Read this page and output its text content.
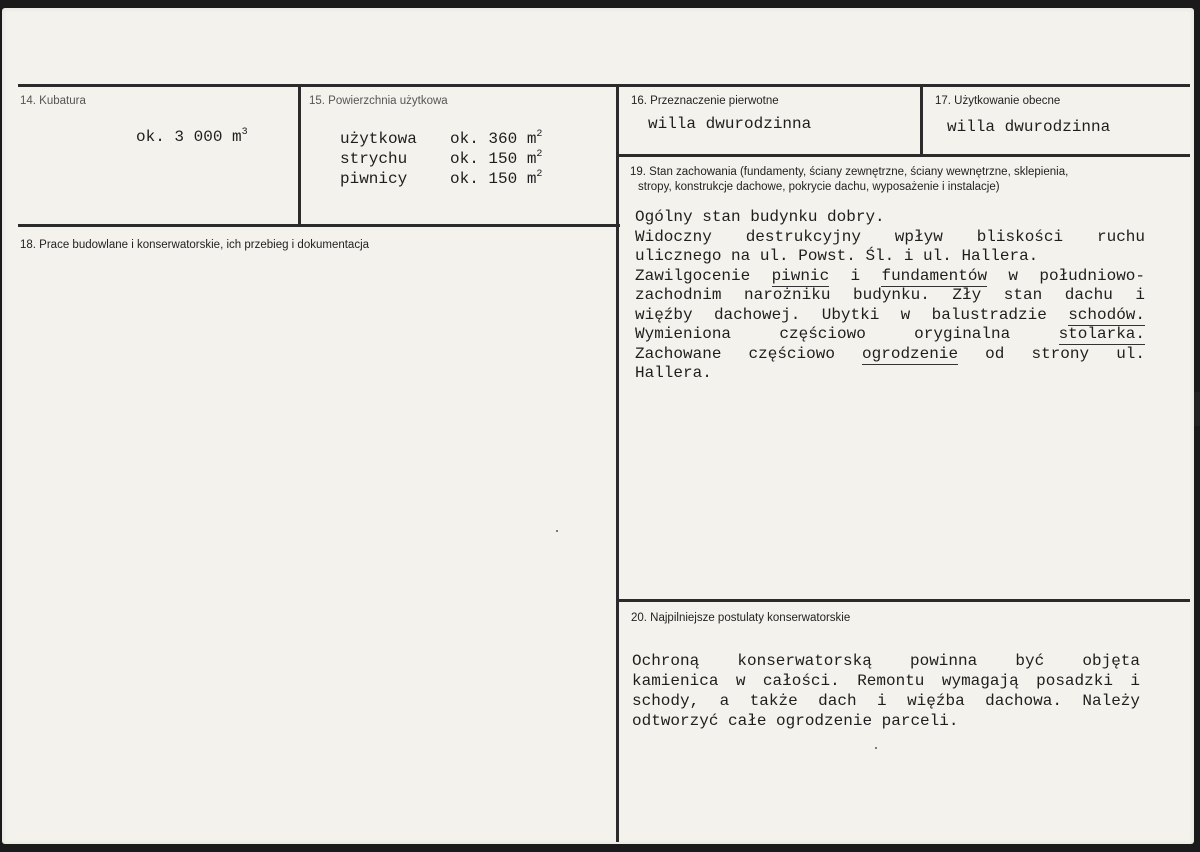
14. Kubatura
ok. 3 000 $m^3$
15. Powierzchnia użytkowa
użytkowa ok. 360 $m^2$
strychu	ok. 150 $m^2$
piwnicy	ok. 150 $m^2$
16. Przeznaczenie pierwotne
willa dwurodzinna
17. Użytkowanie obecne
willa dwurodzinna
18. Prace budowlane i konserwatorskie, ich przebieg i dokumentacja
19. Stan zachowania (fundamenty, ściany zewnętrzne, ściany wewnętrzne, sklepienia,
stropy, konstrukcje dachowe, pokrycie dachu, wyposażenie i instalacje)
Ogólny stan budynku dobry.
Widoczny destrukcyjny wpływ bliskości ruchu
ulicznego na ul. Powst. Śl. i ul. Hallera.
Zawilgocenie piwnic i fundamentów w południowo-
zachodnim narożniku budynku. Zły stan dachu i
więźby dachowej. Ubytki w balustradzie schodów.
Wymieniona częściowo oryginalna stolarka.
Zachowane częściowo ogrodzenie od strony ul.
Hallera.
20. Najpilniejsze postulaty konserwatorskie
Ochroną konserwatorską powinna być objęta
kamienica w całości. Remontu wymagają posadzki i
schody, a także dach i więźba dachowa. Należy
odtworzyć całe ogrodzenie parceli.
